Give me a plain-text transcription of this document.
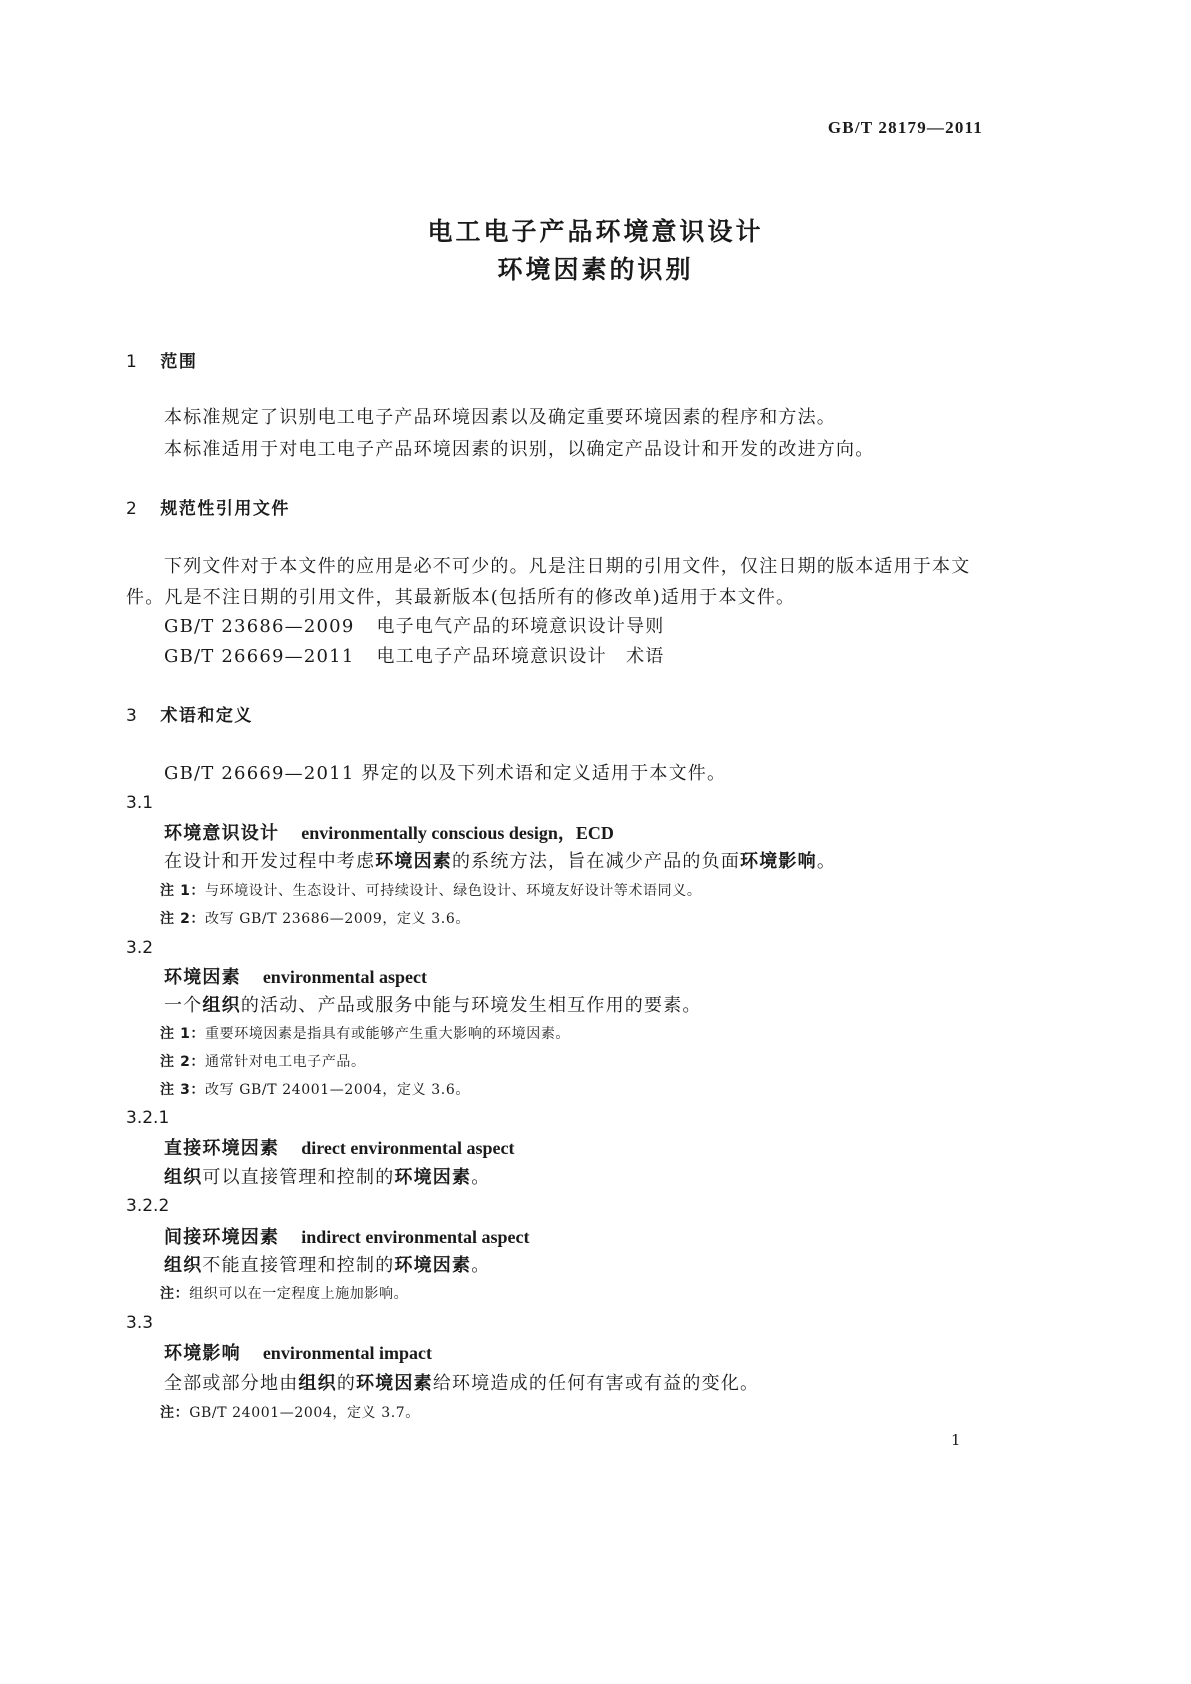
GB/T 28179—2011
电工电子产品环境意识设计
环境因素的识别
1 范围
本标准规定了识别电工电子产品环境因素以及确定重要环境因素的程序和方法。
本标准适用于对电工电子产品环境因素的识别，以确定产品设计和开发的改进方向。
2 规范性引用文件
下列文件对于本文件的应用是必不可少的。凡是注日期的引用文件，仅注日期的版本适用于本文
件。凡是不注日期的引用文件，其最新版本(包括所有的修改单)适用于本文件。
GB/T 23686—2009 电子电气产品的环境意识设计导则
GB/T 26669—2011 电工电子产品环境意识设计　术语
3 术语和定义
GB/T 26669—2011 界定的以及下列术语和定义适用于本文件。
3.1
环境意识设计 environmentally conscious design，ECD
在设计和开发过程中考虑环境因素的系统方法，旨在减少产品的负面环境影响。
注 1：与环境设计、生态设计、可持续设计、绿色设计、环境友好设计等术语同义。
注 2：改写 GB/T 23686—2009，定义 3.6。
3.2
环境因素 environmental aspect
一个组织的活动、产品或服务中能与环境发生相互作用的要素。
注 1：重要环境因素是指具有或能够产生重大影响的环境因素。
注 2：通常针对电工电子产品。
注 3：改写 GB/T 24001—2004，定义 3.6。
3.2.1
直接环境因素 direct environmental aspect
组织可以直接管理和控制的环境因素。
3.2.2
间接环境因素 indirect environmental aspect
组织不能直接管理和控制的环境因素。
注：组织可以在一定程度上施加影响。
3.3
环境影响 environmental impact
全部或部分地由组织的环境因素给环境造成的任何有害或有益的变化。
注：GB/T 24001—2004，定义 3.7。
1
